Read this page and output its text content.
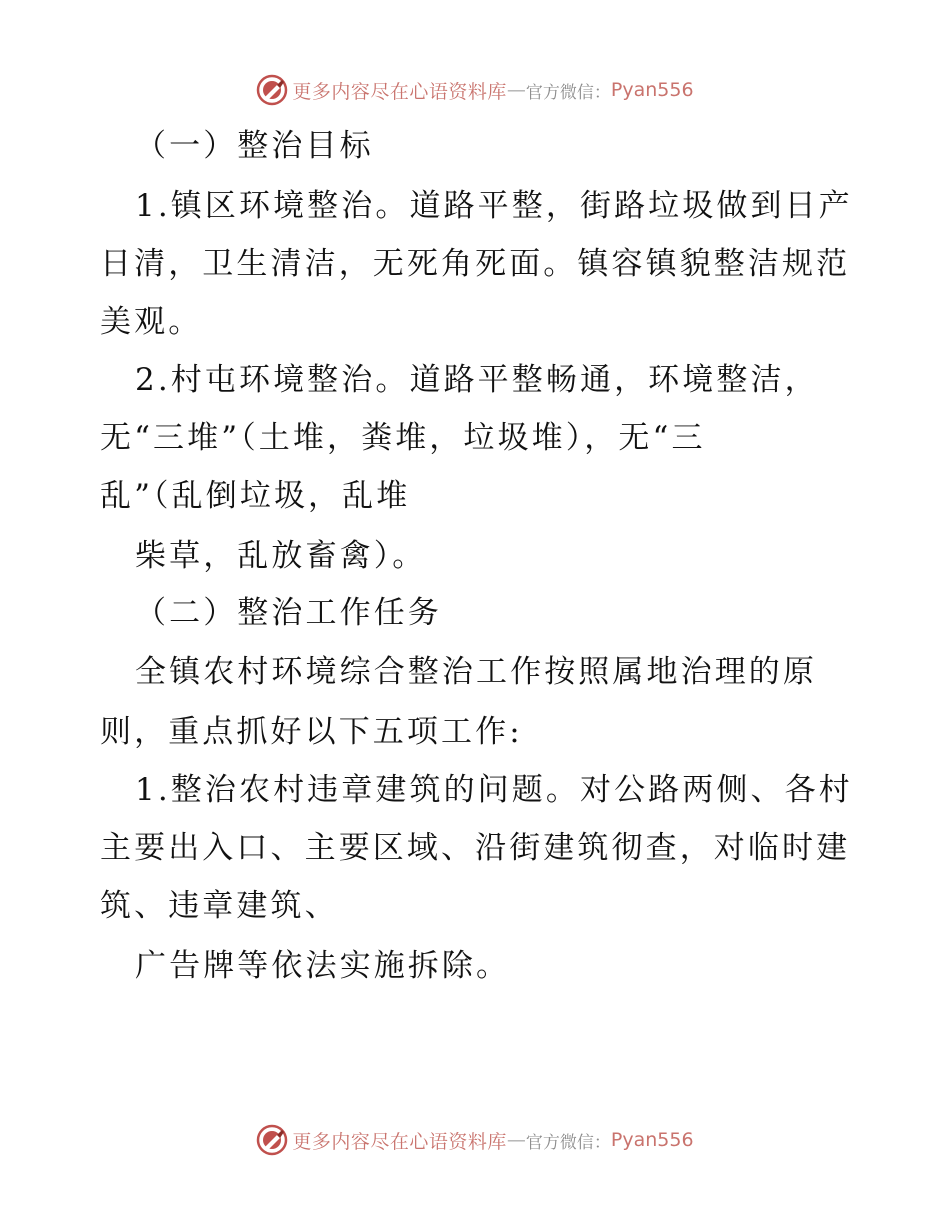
更多内容尽在心语资料库 — 官方微信： Pyan556

（一）整治目标

1.镇区环境整治。道路平整，街路垃圾做到日产

日清，卫生清洁，无死角死面。镇容镇貌整洁规范

美观。

2.村屯环境整治。道路平整畅通，环境整洁，

无“三堆”（土堆，粪堆，垃圾堆），无“三

乱”（乱倒垃圾，乱堆

柴草，乱放畜禽）。

（二）整治工作任务

全镇农村环境综合整治工作按照属地治理的原

则，重点抓好以下五项工作:

1.整治农村违章建筑的问题。对公路两侧、各村

主要出入口、主要区域、沿街建筑彻查，对临时建

筑、违章建筑、

广告牌等依法实施拆除。

更多内容尽在心语资料库 — 官方微信： Pyan556
